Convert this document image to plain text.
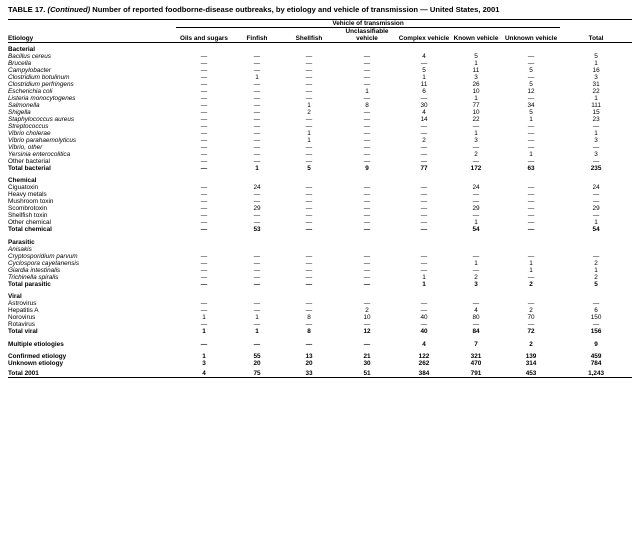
TABLE 17. (Continued) Number of reported foodborne-disease outbreaks, by etiology and vehicle of transmission — United States, 2001
	Vehicle of transmission							
Etiology	Oils and sugars	Finfish	Shellfish	Unclassifiable vehicle	Complex vehicle	Known vehicle	Unknown vehicle	Total

Bacterial								
Bacillus cereus	—	—	—	—	4	5	—	5
Brucella	—	—	—	—	—	1	—	1
Campylobacter	—	—	—	—	5	11	5	16
Clostridium botulinum	—	1	—	—	1	3	—	3
Clostridium perfringens	—	—	—	—	11	26	5	31
Escherichia coli	—	—	—	1	6	10	12	22
Listeria monocytogenes	—	—	—	—	—	1	—	1
Salmonella	—	—	1	8	30	77	34	111
Shigella	—	—	2	—	4	10	5	15
Staphylococcus aureus	—	—	—	—	14	22	1	23
Streptococcus	—	—	—	—	—	—	—	—
Vibrio cholerae	—	—	1	—	—	1	—	1
Vibrio parahaemolyticus	—	—	1	—	2	3	—	3
Vibrio, other	—	—	—	—	—	—	—	—
Yersinia enterocolitica	—	—	—	—	—	2	1	3
Other bacterial	—	—	—	—	—	—	—	—
Total bacterial	—	1	5	9	77	172	63	235

Chemical								
Ciguatoxin	—	24	—	—	—	24	—	24
Heavy metals	—	—	—	—	—	—	—	—
Mushroom toxin	—	—	—	—	—	—	—	—
Scombrotoxin	—	29	—	—	—	29	—	29
Shellfish toxin	—	—	—	—	—	—	—	—
Other chemical	—	—	—	—	—	1	—	1
Total chemical	—	53	—	—	—	54	—	54

Parasitic								
Anisakis								
Cryptosporidium parvum	—	—	—	—	—	—	—	—
Cyclospora cayetanensis	—	—	—	—	—	1	1	2
Giardia intestinalis	—	—	—	—	—	—	1	1
Trichinella spiralis	—	—	—	—	1	2	—	2
Total parasitic	—	—	—	—	1	3	2	5

Viral								
Astrovirus	—	—	—	—	—	—	—	—
Hepatitis A	—	—	—	2	—	4	2	6
Norovirus	1	1	8	10	40	80	70	150
Rotavirus	—	—	—	—	—	—	—	—
Total viral	1	1	8	12	40	84	72	156

Multiple etiologies	—	—	—	—	4	7	2	9

Confirmed etiology	1	55	13	21	122	321	139	459
Unknown etiology	3	20	20	30	262	470	314	784

Total 2001	4	75	33	51	384	791	453	1,243
